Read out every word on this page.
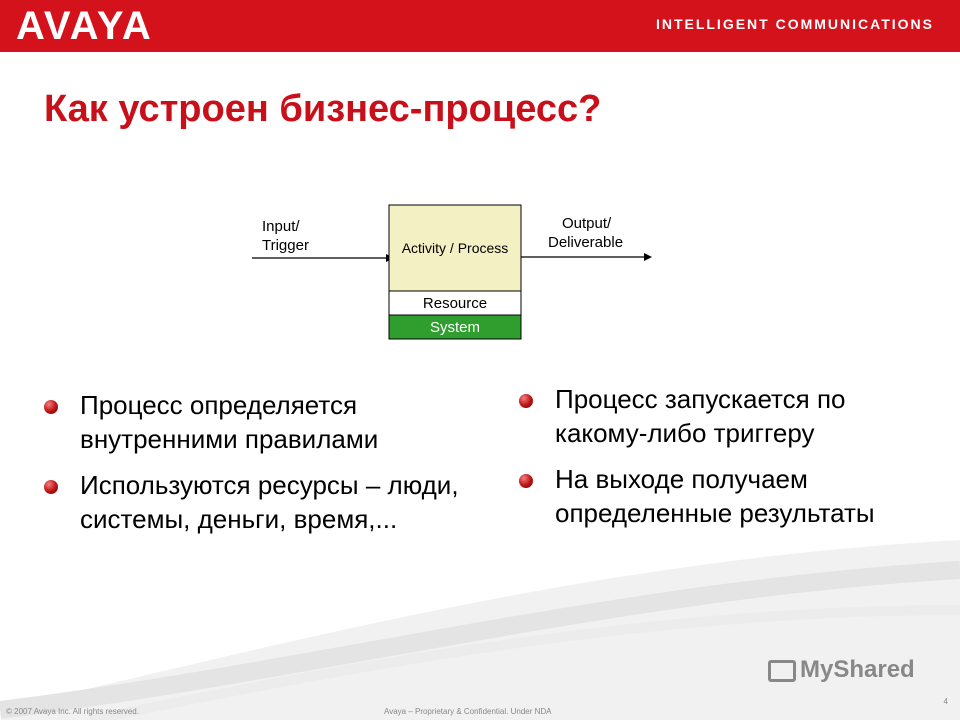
AVAYA	INTELLIGENT COMMUNICATIONS
Как устроен бизнес-процесс?
Input/
Trigger	Activity / Process
Resource
System
Output/
Deliverable
Процесс определяется внутренними правилами
Используются ресурсы – люди, системы, деньги, время,...
Процесс запускается по какому-либо триггеру
На выходе получаем определенные результаты
MyShared
© 2007 Avaya Inc. All rights reserved.	Avaya – Proprietary & Confidential. Under NDA
4
